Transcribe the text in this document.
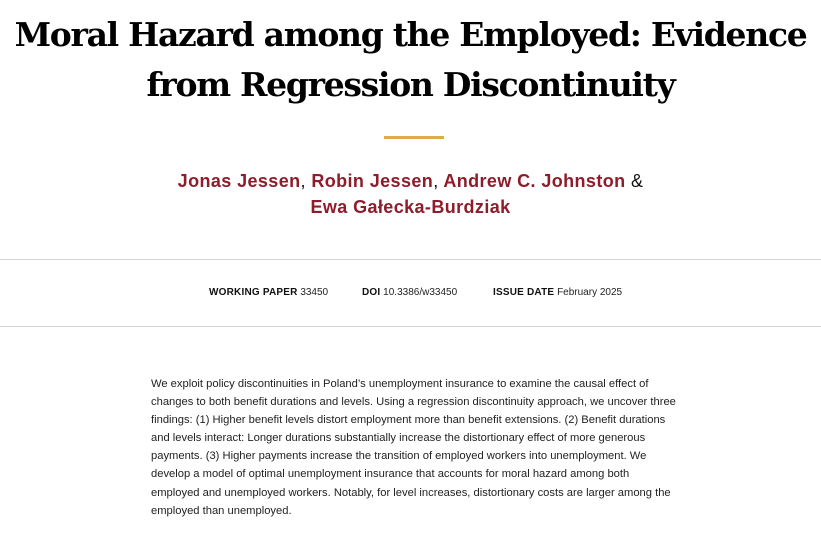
Moral Hazard among the Employed: Evidence
from Regression Discontinuity
Jonas Jessen, Robin Jessen, Andrew C. Johnston &
Ewa Gałecka-Burdziak
WORKING PAPER 33450	DOI 10.3386/w33450	ISSUE DATE February 2025

We exploit policy discontinuities in Poland’s unemployment insurance to examine the causal effect of changes to both benefit durations and levels. Using a regression discontinuity approach, we uncover three findings: (1) Higher benefit levels distort employment more than benefit extensions. (2) Benefit durations and levels interact: Longer durations substantially increase the distortionary effect of more generous payments. (3) Higher payments increase the transition of employed workers into unemployment. We develop a model of optimal unemployment insurance that accounts for moral hazard among both employed and unemployed workers. Notably, for level increases, distortionary costs are larger among the employed than unemployed.
